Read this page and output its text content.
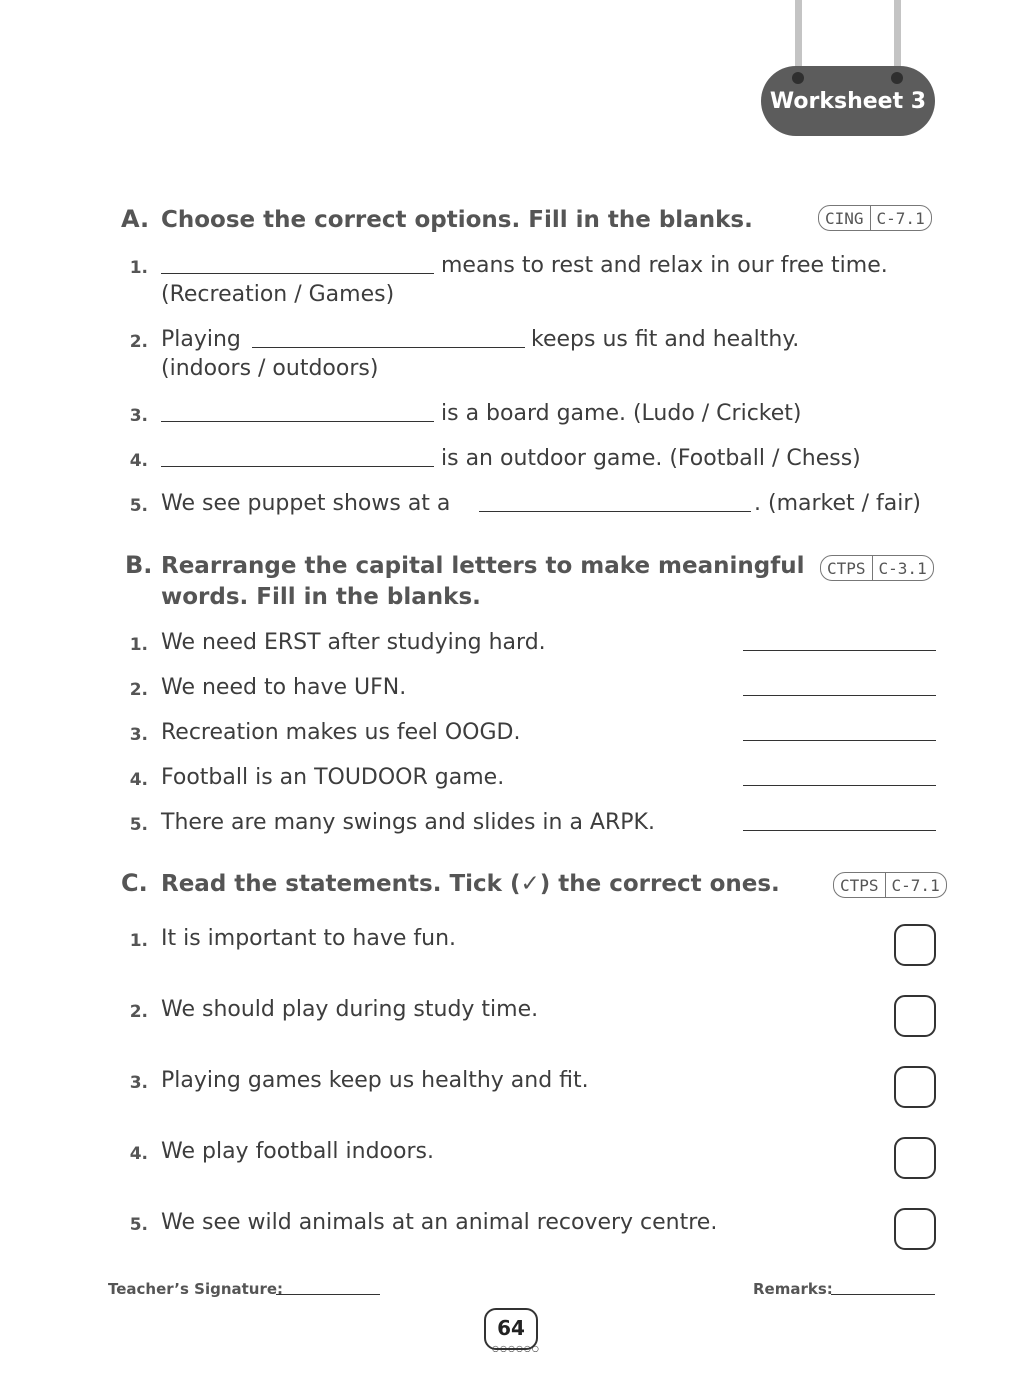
Worksheet 3
A. Choose the correct options. Fill in the blanks.	CING C-7.1
1.	means to rest and relax in our free time.
(Recreation / Games)
2. Playing	keeps us fit and healthy.
(indoors / outdoors)
3.	is a board game. (Ludo / Cricket)
4.	is an outdoor game. (Football / Chess)
5. We see puppet shows at a	. (market / fair)
B. Rearrange the capital letters to make meaningful
words. Fill in the blanks.
CTPS C-3.1
1. We need ERST after studying hard.
2. We need to have UFN.
3. Recreation makes us feel OOGD.
4. Football is an TOUDOOR game.
5. There are many swings and slides in a ARPK.
C. Read the statements. Tick (✓) the correct ones.	CTPS C-7.1
1. It is important to have fun.
2. We should play during study time.
3. Playing games keep us healthy and fit.
4. We play football indoors.
5. We see wild animals at an animal recovery centre.
Teacher’s Signature:	Remarks:
64
○○○○○○
